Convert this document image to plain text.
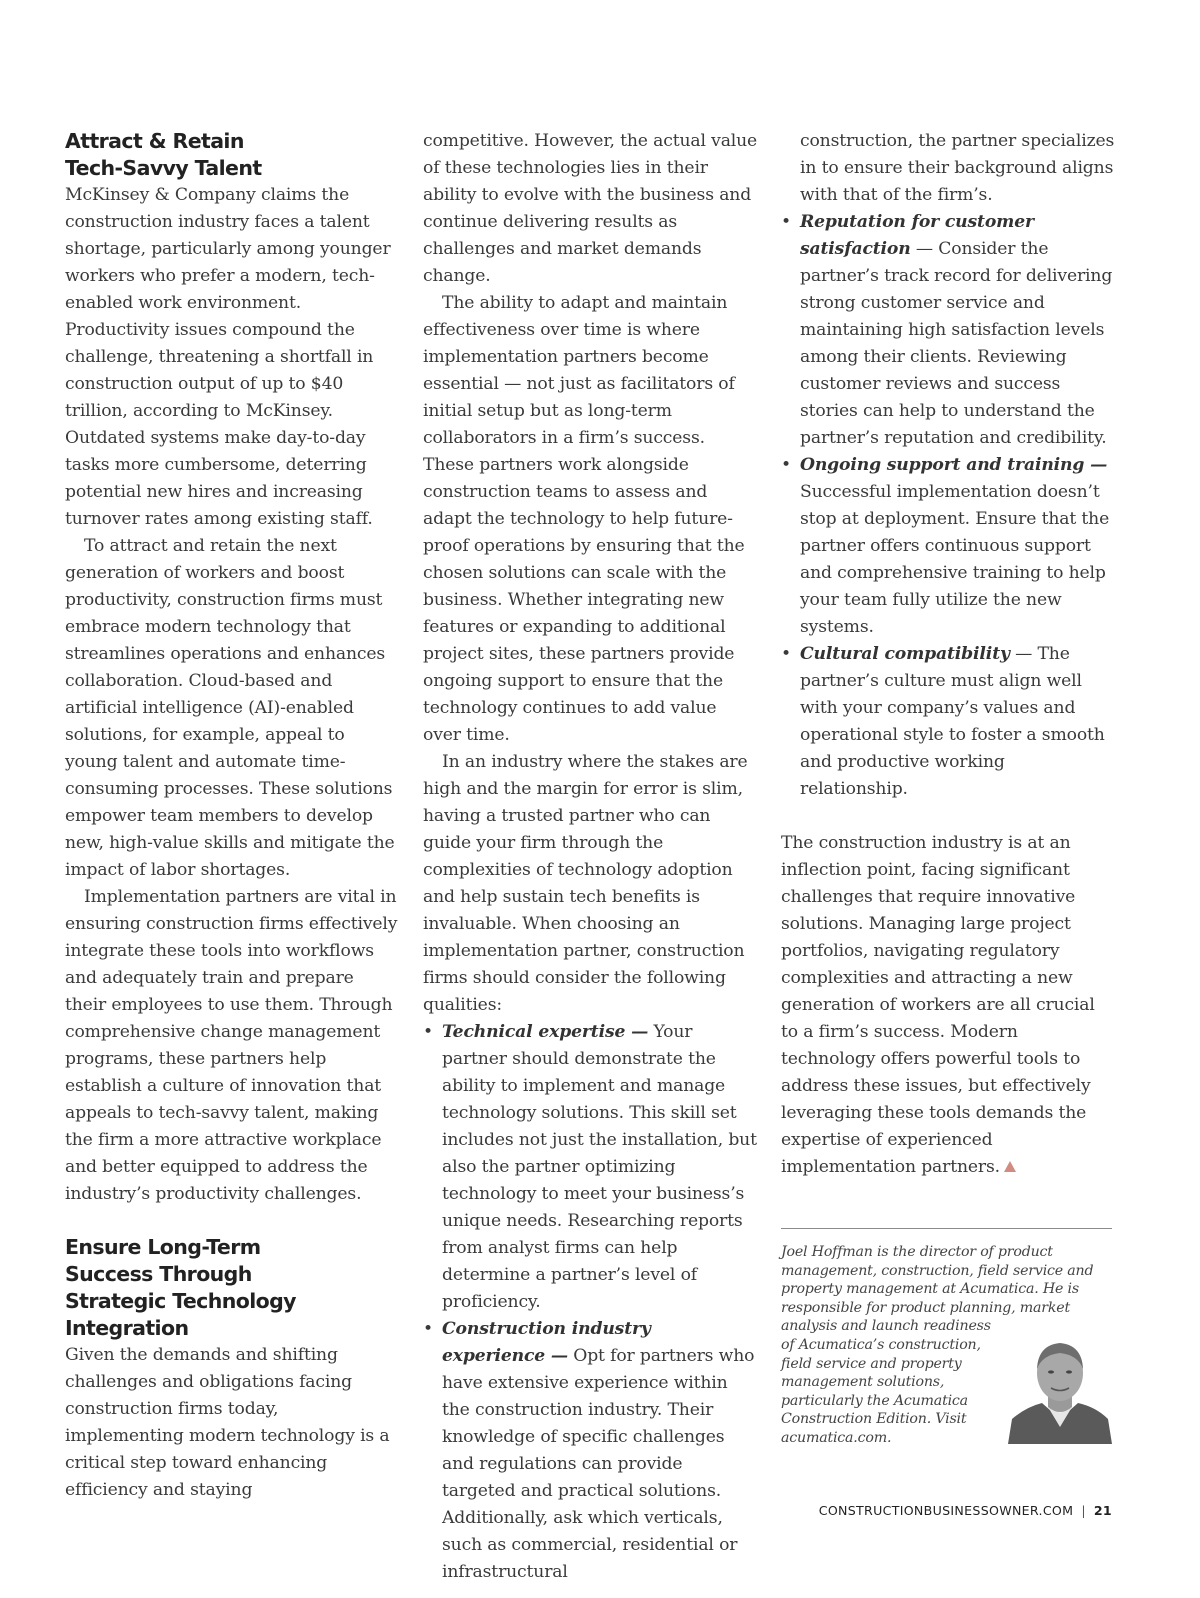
Attract & Retain Tech-Savvy Talent

McKinsey & Company claims the construction industry faces a talent shortage, particularly among younger workers who prefer a modern, tech-enabled work environment. Productivity issues compound the challenge, threatening a shortfall in construction output of up to $40 trillion, according to McKinsey. Outdated systems make day-to-day tasks more cumbersome, deterring potential new hires and increasing turnover rates among existing staff.

To attract and retain the next generation of workers and boost productivity, construction firms must embrace modern technology that streamlines operations and enhances collaboration. Cloud-based and artificial intelligence (AI)-enabled solutions, for example, appeal to young talent and automate time-consuming processes. These solutions empower team members to develop new, high-value skills and mitigate the impact of labor shortages.

Implementation partners are vital in ensuring construction firms effectively integrate these tools into workflows and adequately train and prepare their employees to use them. Through comprehensive change management programs, these partners help establish a culture of innovation that appeals to tech-savvy talent, making the firm a more attractive workplace and better equipped to address the industry’s productivity challenges.

Ensure Long-Term Success Through Strategic Technology Integration

Given the demands and shifting challenges and obligations facing construction firms today, implementing modern technology is a critical step toward enhancing efficiency and staying

competitive. However, the actual value of these technologies lies in their ability to evolve with the business and continue delivering results as challenges and market demands change.

The ability to adapt and maintain effectiveness over time is where implementation partners become essential — not just as facilitators of initial setup but as long-term collaborators in a firm’s success. These partners work alongside construction teams to assess and adapt the technology to help future-proof operations by ensuring that the chosen solutions can scale with the business. Whether integrating new features or expanding to additional project sites, these partners provide ongoing support to ensure that the technology continues to add value over time.

In an industry where the stakes are high and the margin for error is slim, having a trusted partner who can guide your firm through the complexities of technology adoption and help sustain tech benefits is invaluable. When choosing an implementation partner, construction firms should consider the following qualities:

• Technical expertise — Your partner should demonstrate the ability to implement and manage technology solutions. This skill set includes not just the installation, but also the partner optimizing technology to meet your business’s unique needs. Researching reports from analyst firms can help determine a partner’s level of proficiency.
• Construction industry experience — Opt for partners who have extensive experience within the construction industry. Their knowledge of specific challenges and regulations can provide targeted and practical solutions. Additionally, ask which verticals, such as commercial, residential or infrastructural

construction, the partner specializes in to ensure their background aligns with that of the firm’s.

• Reputation for customer satisfaction — Consider the partner’s track record for delivering strong customer service and maintaining high satisfaction levels among their clients. Reviewing customer reviews and success stories can help to understand the partner’s reputation and credibility.
• Ongoing support and training — Successful implementation doesn’t stop at deployment. Ensure that the partner offers continuous support and comprehensive training to help your team fully utilize the new systems.
• Cultural compatibility — The partner’s culture must align well with your company’s values and operational style to foster a smooth and productive working relationship.

The construction industry is at an inflection point, facing significant challenges that require innovative solutions. Managing large project portfolios, navigating regulatory complexities and attracting a new generation of workers are all crucial to a firm’s success. Modern technology offers powerful tools to address these issues, but effectively leveraging these tools demands the expertise of experienced implementation partners.

Joel Hoffman is the director of product management, construction, field service and property management at Acumatica. He is responsible for product planning, market analysis and launch readiness
of Acumatica’s construction, field service and property management solutions, particularly the Acumatica Construction Edition. Visit acumatica.com.
CONSTRUCTIONBUSINESSOWNER.COM | 21
